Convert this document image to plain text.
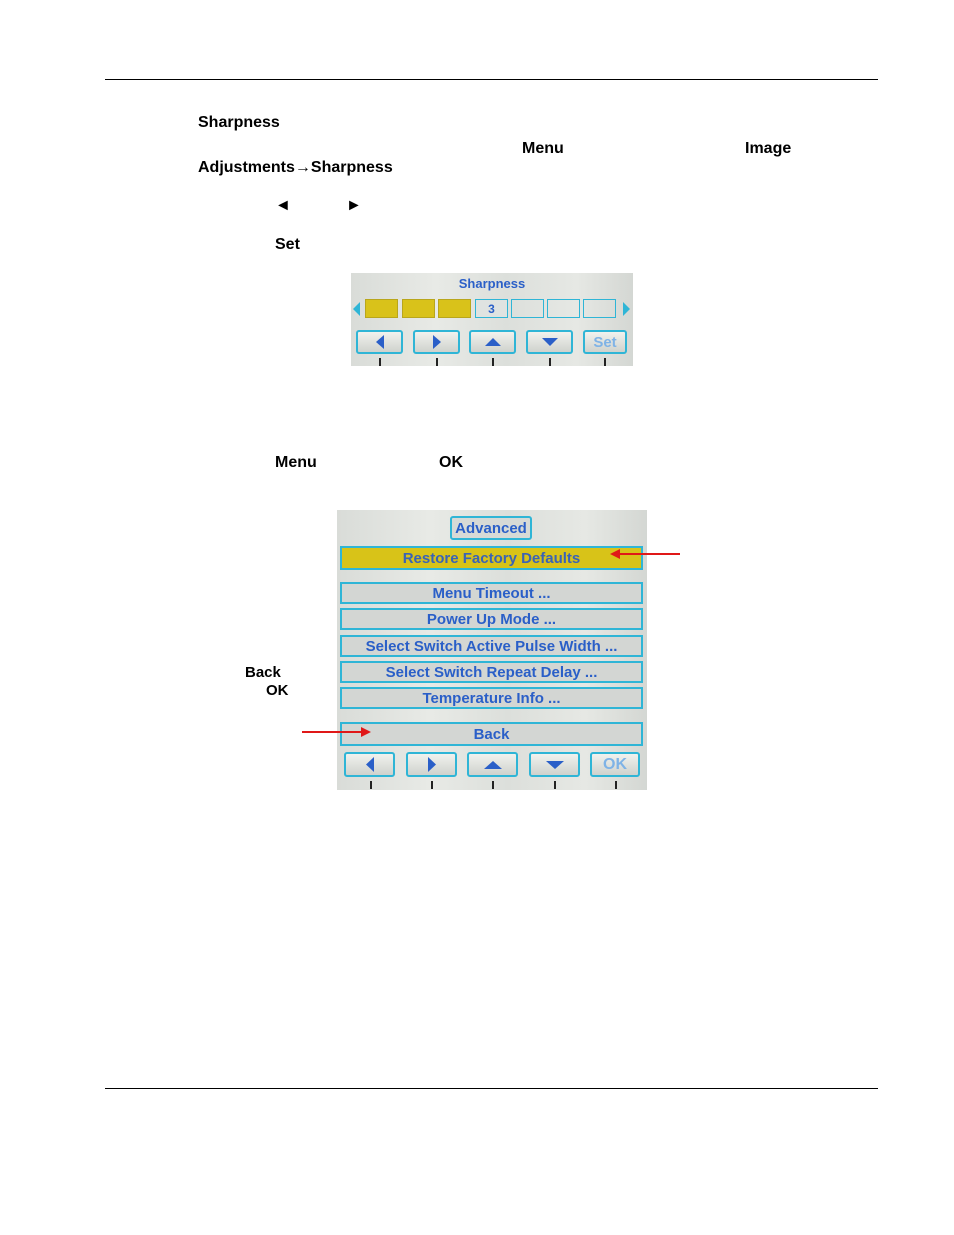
Sharpness
Menu	Image
Adjustments→Sharpness
◄	►
Set
Sharpness
3
Set
Menu	OK
Back
OK
Advanced
Restore Factory Defaults
Menu Timeout ...
Power Up Mode ...
Select Switch Active Pulse Width ...
Select Switch Repeat Delay ...
Temperature Info ...
Back
OK
